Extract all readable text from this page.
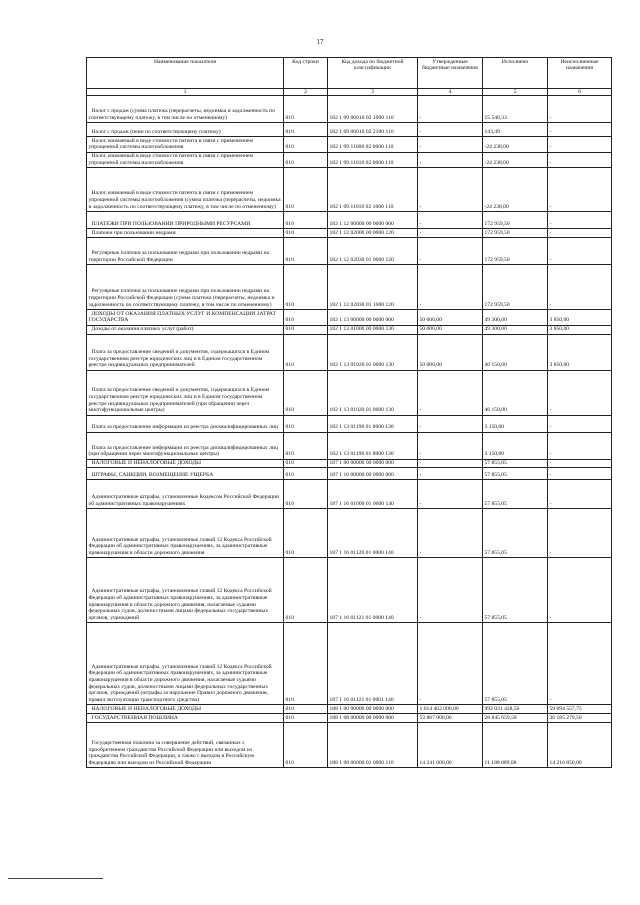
17
Наименование показателя	Код строки	Код дохода по бюджетной классификации	Утвержденные бюджетные назначения	Исполнено	Неисполненные назначения
1	2	3	4	5	6
Налог с продаж (сумма платежа (перерасчеты, недоимка и задолженность по соответствующему платежу, в том числе по отмененному)	010	182 1 09 06010 02 1000 110	-	15 540,33	-
Налог с продаж (пени по соответствующему платежу)	010	182 1 09 06010 02 2100 110	-	143,49	-
Налог, взимаемый в виде стоимости патента в связи с применением упрощенной системы налогообложения	010	182 1 09 11000 02 0000 110	-	-24 238,00	-
Налог, взимаемый в виде стоимости патента в связи с применением упрощенной системы налогообложения	010	182 1 09 11010 02 0000 110	-	-24 238,00	-
Налог, взимаемый в виде стоимости патента в связи с применением упрощенной системы налогообложения (сумма платежа (перерасчеты, недоимка и задолженность по соответствующему платежу, в том числе по отмененному)	010	182 1 09 11010 02 1000 110	-	-24 238,00	-
ПЛАТЕЖИ ПРИ ПОЛЬЗОВАНИИ ПРИРОДНЫМИ РЕСУРСАМИ	010	182 1 12 00000 00 0000 000	-	172 959,50	-
Платежи при пользовании недрами	010	182 1 12 02000 00 0000 120	-	172 959,50	-
Регулярные платежи за пользование недрами при пользовании недрами на территории Российской Федерации	010	182 1 12 02030 01 0000 120	-	172 959,50	-
Регулярные платежи за пользование недрами при пользовании недрами на территории Российской Федерации (сумма платежа (перерасчеты, недоимка и задолженность по соответствующему платежу, в том числе по отмененному)	010	182 1 12 02030 01 1000 120	-	172 959,50	-
ДОХОДЫ ОТ ОКАЗАНИЯ ПЛАТНЫХ УСЛУГ И КОМПЕНСАЦИИ ЗАТРАТ ГОСУДАРСТВА	010	182 1 13 00000 00 0000 000	50 000,00	49 300,00	3 850,00
Доходы от оказания платных услуг (работ)	010	182 1 13 01000 00 0000 130	50 000,00	49 300,00	3 850,00
Плата за предоставление сведений и документов, содержащихся в Едином государственном реестре юридических лиц и в Едином государственном реестре индивидуальных предпринимателей	010	182 1 13 01020 01 0000 130	50 000,00	46 150,00	3 850,00
Плата за предоставление сведений и документов, содержащихся в Едином государственном реестре юридических лиц и в Едином государственном реестре индивидуальных предпринимателей (при обращении через многофункциональные центры)	010	182 1 13 01020 01 8000 130	-	46 150,00	-
Плата за предоставление информации из реестра дисквалифицированных лиц	010	182 1 13 01190 01 0000 130	-	3 150,00	-
Плата за предоставление информации из реестра дисквалифицированных лиц (при обращении через многофункциональные центры)	010	182 1 13 01190 01 8000 130	-	3 150,00	-
НАЛОГОВЫЕ И НЕНАЛОГОВЫЕ ДОХОДЫ	010	187 1 00 00000 00 0000 000	-	57 855,05	-
ШТРАФЫ, САНКЦИИ, ВОЗМЕЩЕНИЕ УЩЕРБА	010	187 1 16 00000 00 0000 000	-	57 855,05	-
Административные штрафы, установленные Кодексом Российской Федерации об административных правонарушениях	010	187 1 16 01000 01 0000 140	-	57 855,05	-
Административные штрафы, установленные главой 12 Кодекса Российской Федерации об административных правонарушениях, за административные правонарушения в области дорожного движения	010	187 1 16 01120 01 0000 140	-	57 855,05	-
Административные штрафы, установленные главой 12 Кодекса Российской Федерации об административных правонарушениях, за административные правонарушения в области дорожного движения, налагаемые судьями федеральных судов, должностными лицами федеральных государственных органов, учреждений	010	187 1 16 01121 01 0000 140	-	57 855,05	-
Административные штрафы, установленные главой 12 Кодекса Российской Федерации об административных правонарушениях, за административные правонарушения в области дорожного движения, налагаемые судьями федеральных судов, должностными лицами федеральных государственных органов, учреждений (штрафы за нарушение Правил дорожного движения, правил эксплуатации транспортного средства)	010	187 1 16 01121 01 0001 140	-	57 855,05	-
НАЛОГОВЫЕ И НЕНАЛОГОВЫЕ ДОХОДЫ	010	188 1 00 00000 00 0000 000	1 014 462 000,00	992 031 428,56	59 094 557,75
ГОСУДАРСТВЕННАЯ ПОШЛИНА	010	188 1 08 00000 00 0000 000	53 867 000,00	28 845 659,58	36 185 279,50
Государственная пошлина за совершение действий, связанных с приобретением гражданства Российской Федерации или выходом из гражданства Российской Федерации, а также с въездом в Российскую Федерацию или выездом из Российской Федерации	010	188 1 08 06000 01 0000 110	14 241 000,00	11 188 089,08	14 216 850,00
